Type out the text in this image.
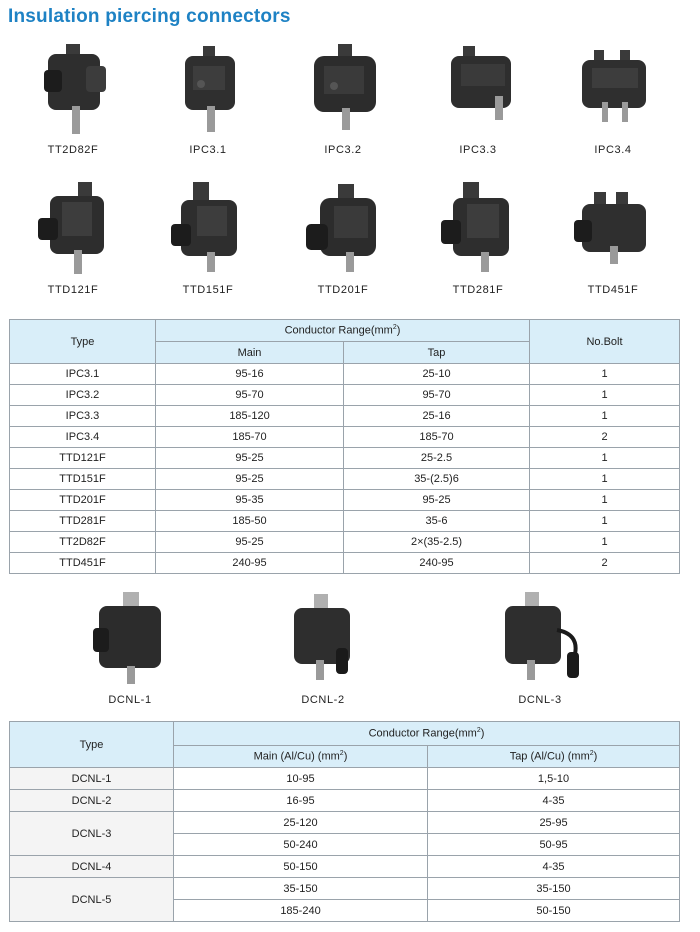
Insulation piercing connectors
TT2D82F	IPC3.1	IPC3.2	IPC3.3	IPC3.4
TTD121F	TTD151F	TTD201F	TTD281F	TTD451F
Type	Conductor $Range(mm^2)$		No.Bolt
	Main	Tap	
IPC3.1	95-16	25-10	1
IPC3.2	95-70	95-70	1
IPC3.3	185-120	25-16	1
IPC3.4	185-70	185-70	2
TTD121F	95-25	25-2.5	1
TTD151F	95-25	35-(2.5)6	1
TTD201F	95-35	95-25	1
TTD281F	185-50	35-6	1
TT2D82F	95-25	2×(35-2.5)	1
TTD451F	240-95	240-95	2
DCNL-1	DCNL-2	DCNL-3
Type	Conductor $Range(mm^2)$	
	Main (Al/Cu) $(mm^2)$	Tap (Al/Cu) $(mm^2)$
DCNL-1	10-95	1,5-10
DCNL-2	16-95	4-35
DCNL-3	25-120	25-95
	50-240	50-95
DCNL-4	50-150	4-35
DCNL-5	35-150	35-150
	185-240	50-150
